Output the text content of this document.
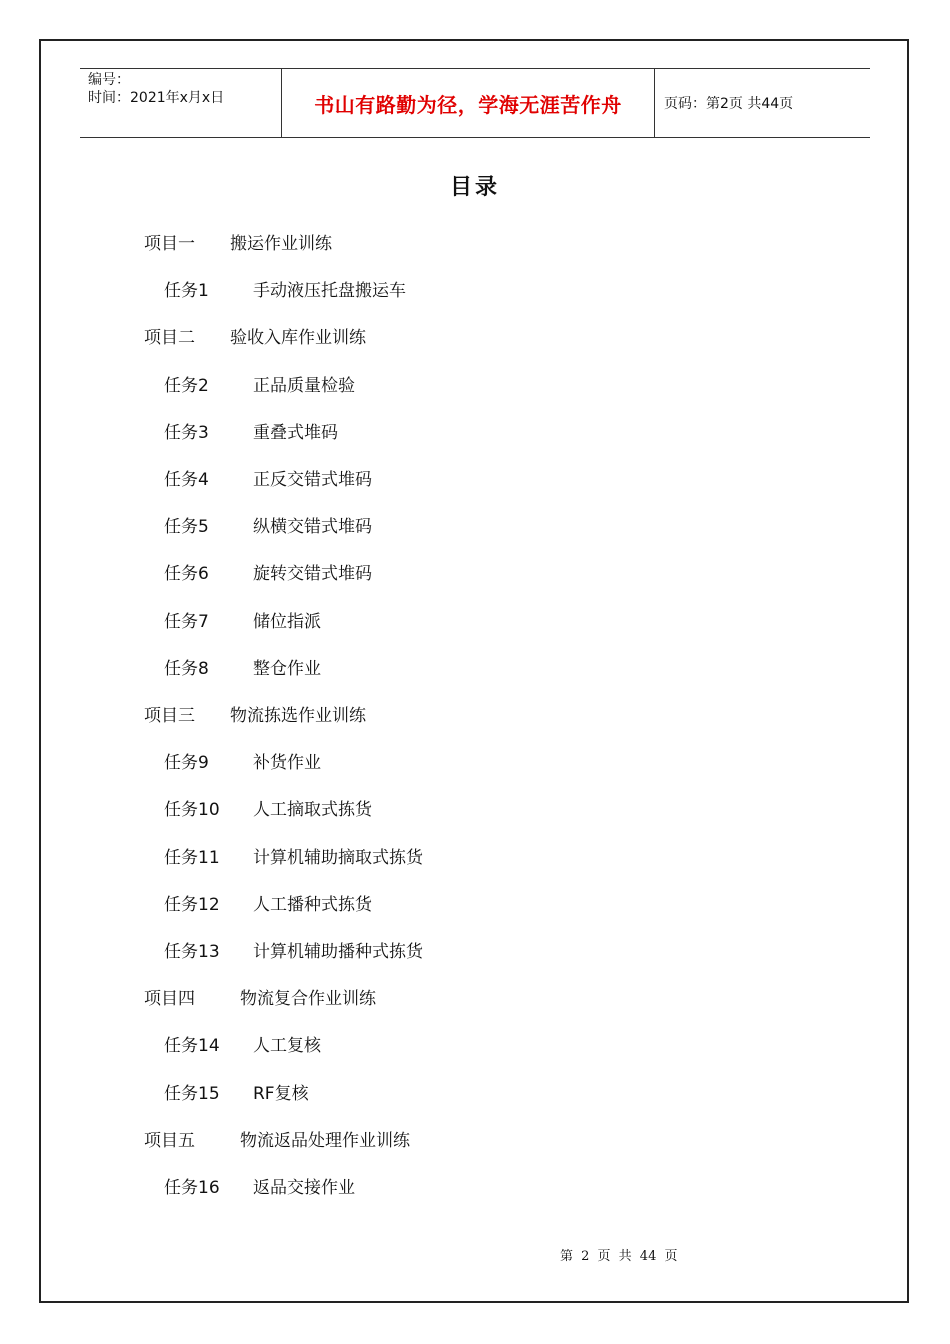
编号：
时间：2021年x月x日	书山有路勤为径，学海无涯苦作舟	页码：第2页 共44页
目录
项目一 搬运作业训练
任务1	手动液压托盘搬运车
项目二 验收入库作业训练
任务2	正品质量检验
任务3	重叠式堆码
任务4	正反交错式堆码
任务5	纵横交错式堆码
任务6	旋转交错式堆码
任务7	储位指派
任务8	整仓作业
项目三 物流拣选作业训练
任务9	补货作业
任务10 人工摘取式拣货
任务11 计算机辅助摘取式拣货
任务12 人工播种式拣货
任务13 计算机辅助播种式拣货
项目四	物流复合作业训练
任务14 人工复核
任务15 RF复核
项目五	物流返品处理作业训练
任务16 返品交接作业
第 2 页 共 44 页
